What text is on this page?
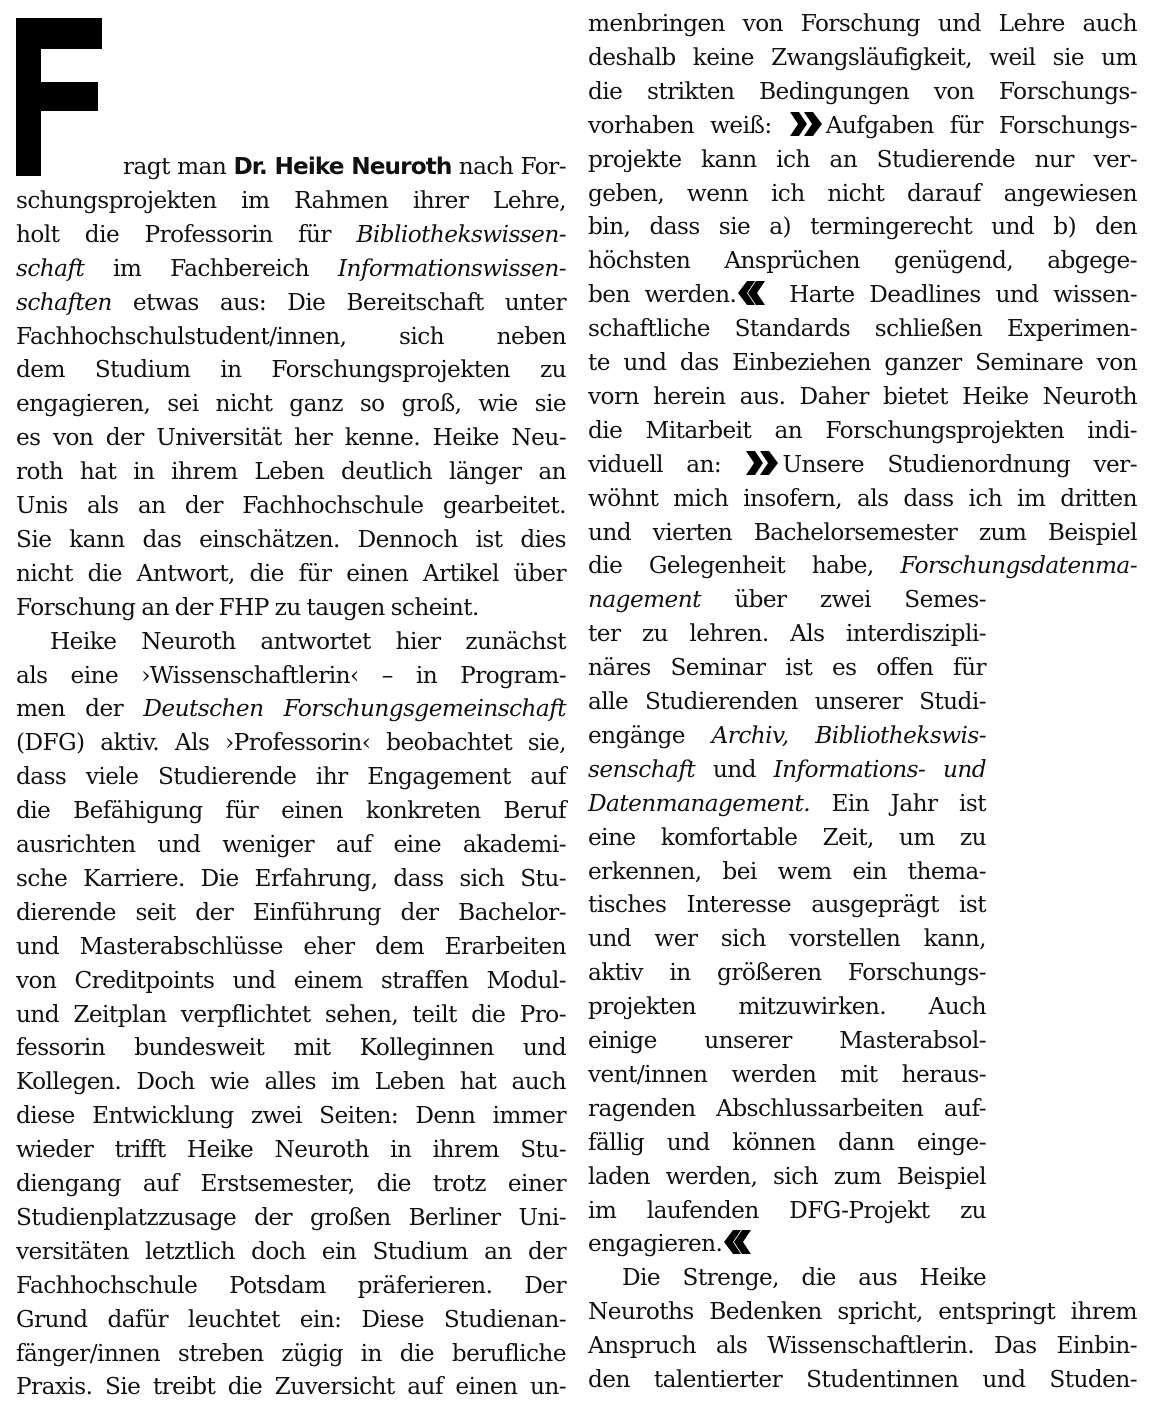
ragt man Dr. Heike Neuroth nach For-
schungsprojekten im Rahmen ihrer Lehre,
holt die Professorin für Bibliothekswissen-
schaft im Fachbereich Informationswissen-
schaften etwas aus: Die Bereitschaft unter
Fachhochschulstudent/innen, sich neben
dem Studium in Forschungsprojekten zu
engagieren, sei nicht ganz so groß, wie sie
es von der Universität her kenne. Heike Neu-
roth hat in ihrem Leben deutlich länger an
Unis als an der Fachhochschule gearbeitet.
Sie kann das einschätzen. Dennoch ist dies
nicht die Antwort, die für einen Artikel über
Forschung an der FHP zu taugen scheint.
Heike Neuroth antwortet hier zunächst
als eine ›Wissenschaftlerin‹ – in Program-
men der Deutschen Forschungsgemeinschaft
(DFG) aktiv. Als ›Professorin‹ beobachtet sie,
dass viele Studierende ihr Engagement auf
die Befähigung für einen konkreten Beruf
ausrichten und weniger auf eine akademi-
sche Karriere. Die Erfahrung, dass sich Stu-
dierende seit der Einführung der Bachelor-
und Masterabschlüsse eher dem Erarbeiten
von Creditpoints und einem straffen Modul-
und Zeitplan verpflichtet sehen, teilt die Pro-
fessorin bundesweit mit Kolleginnen und
Kollegen. Doch wie alles im Leben hat auch
diese Entwicklung zwei Seiten: Denn immer
wieder trifft Heike Neuroth in ihrem Stu-
diengang auf Erstsemester, die trotz einer
Studienplatzzusage der großen Berliner Uni-
versitäten letztlich doch ein Studium an der
Fachhochschule Potsdam präferieren. Der
Grund dafür leuchtet ein: Diese Studienan-
fänger/innen streben zügig in die berufliche
Praxis. Sie treibt die Zuversicht auf einen un-
menbringen von Forschung und Lehre auch
deshalb keine Zwangsläufigkeit, weil sie um
die strikten Bedingungen von Forschungs-
vorhaben weiß:
Aufgaben für Forschungs-
projekte kann ich an Studierende nur ver-
geben, wenn ich nicht darauf angewiesen
bin, dass sie a) termingerecht und b) den
höchsten Ansprüchen genügend, abgege-
ben werden.
Harte Deadlines und wissen-
schaftliche Standards schließen Experimen-
te und das Einbeziehen ganzer Seminare von
vorn herein aus. Daher bietet Heike Neuroth
die Mitarbeit an Forschungsprojekten indi-
viduell an:
Unsere Studienordnung ver-
wöhnt mich insofern, als dass ich im dritten
und vierten Bachelorsemester zum Beispiel
die Gelegenheit habe, Forschungsdatenma-
nagement über zwei Semes-
ter zu lehren. Als interdiszipli-
näres Seminar ist es offen für
alle Studierenden unserer Studi-
engänge Archiv, Bibliothekswis-
senschaft und Informations- und
Datenmanagement. Ein Jahr ist
eine komfortable Zeit, um zu
erkennen, bei wem ein thema-
tisches Interesse ausgeprägt ist
und wer sich vorstellen kann,
aktiv in größeren Forschungs-
projekten mitzuwirken. Auch
einige unserer Masterabsol-
vent/innen werden mit heraus-
ragenden Abschlussarbeiten auf-
fällig und können dann einge-
laden werden, sich zum Beispiel
im laufenden DFG-Projekt zu
engagieren.
Die Strenge, die aus Heike
Neuroths Bedenken spricht, entspringt ihrem
Anspruch als Wissenschaftlerin. Das Einbin-
den talentierter Studentinnen und Studen-
